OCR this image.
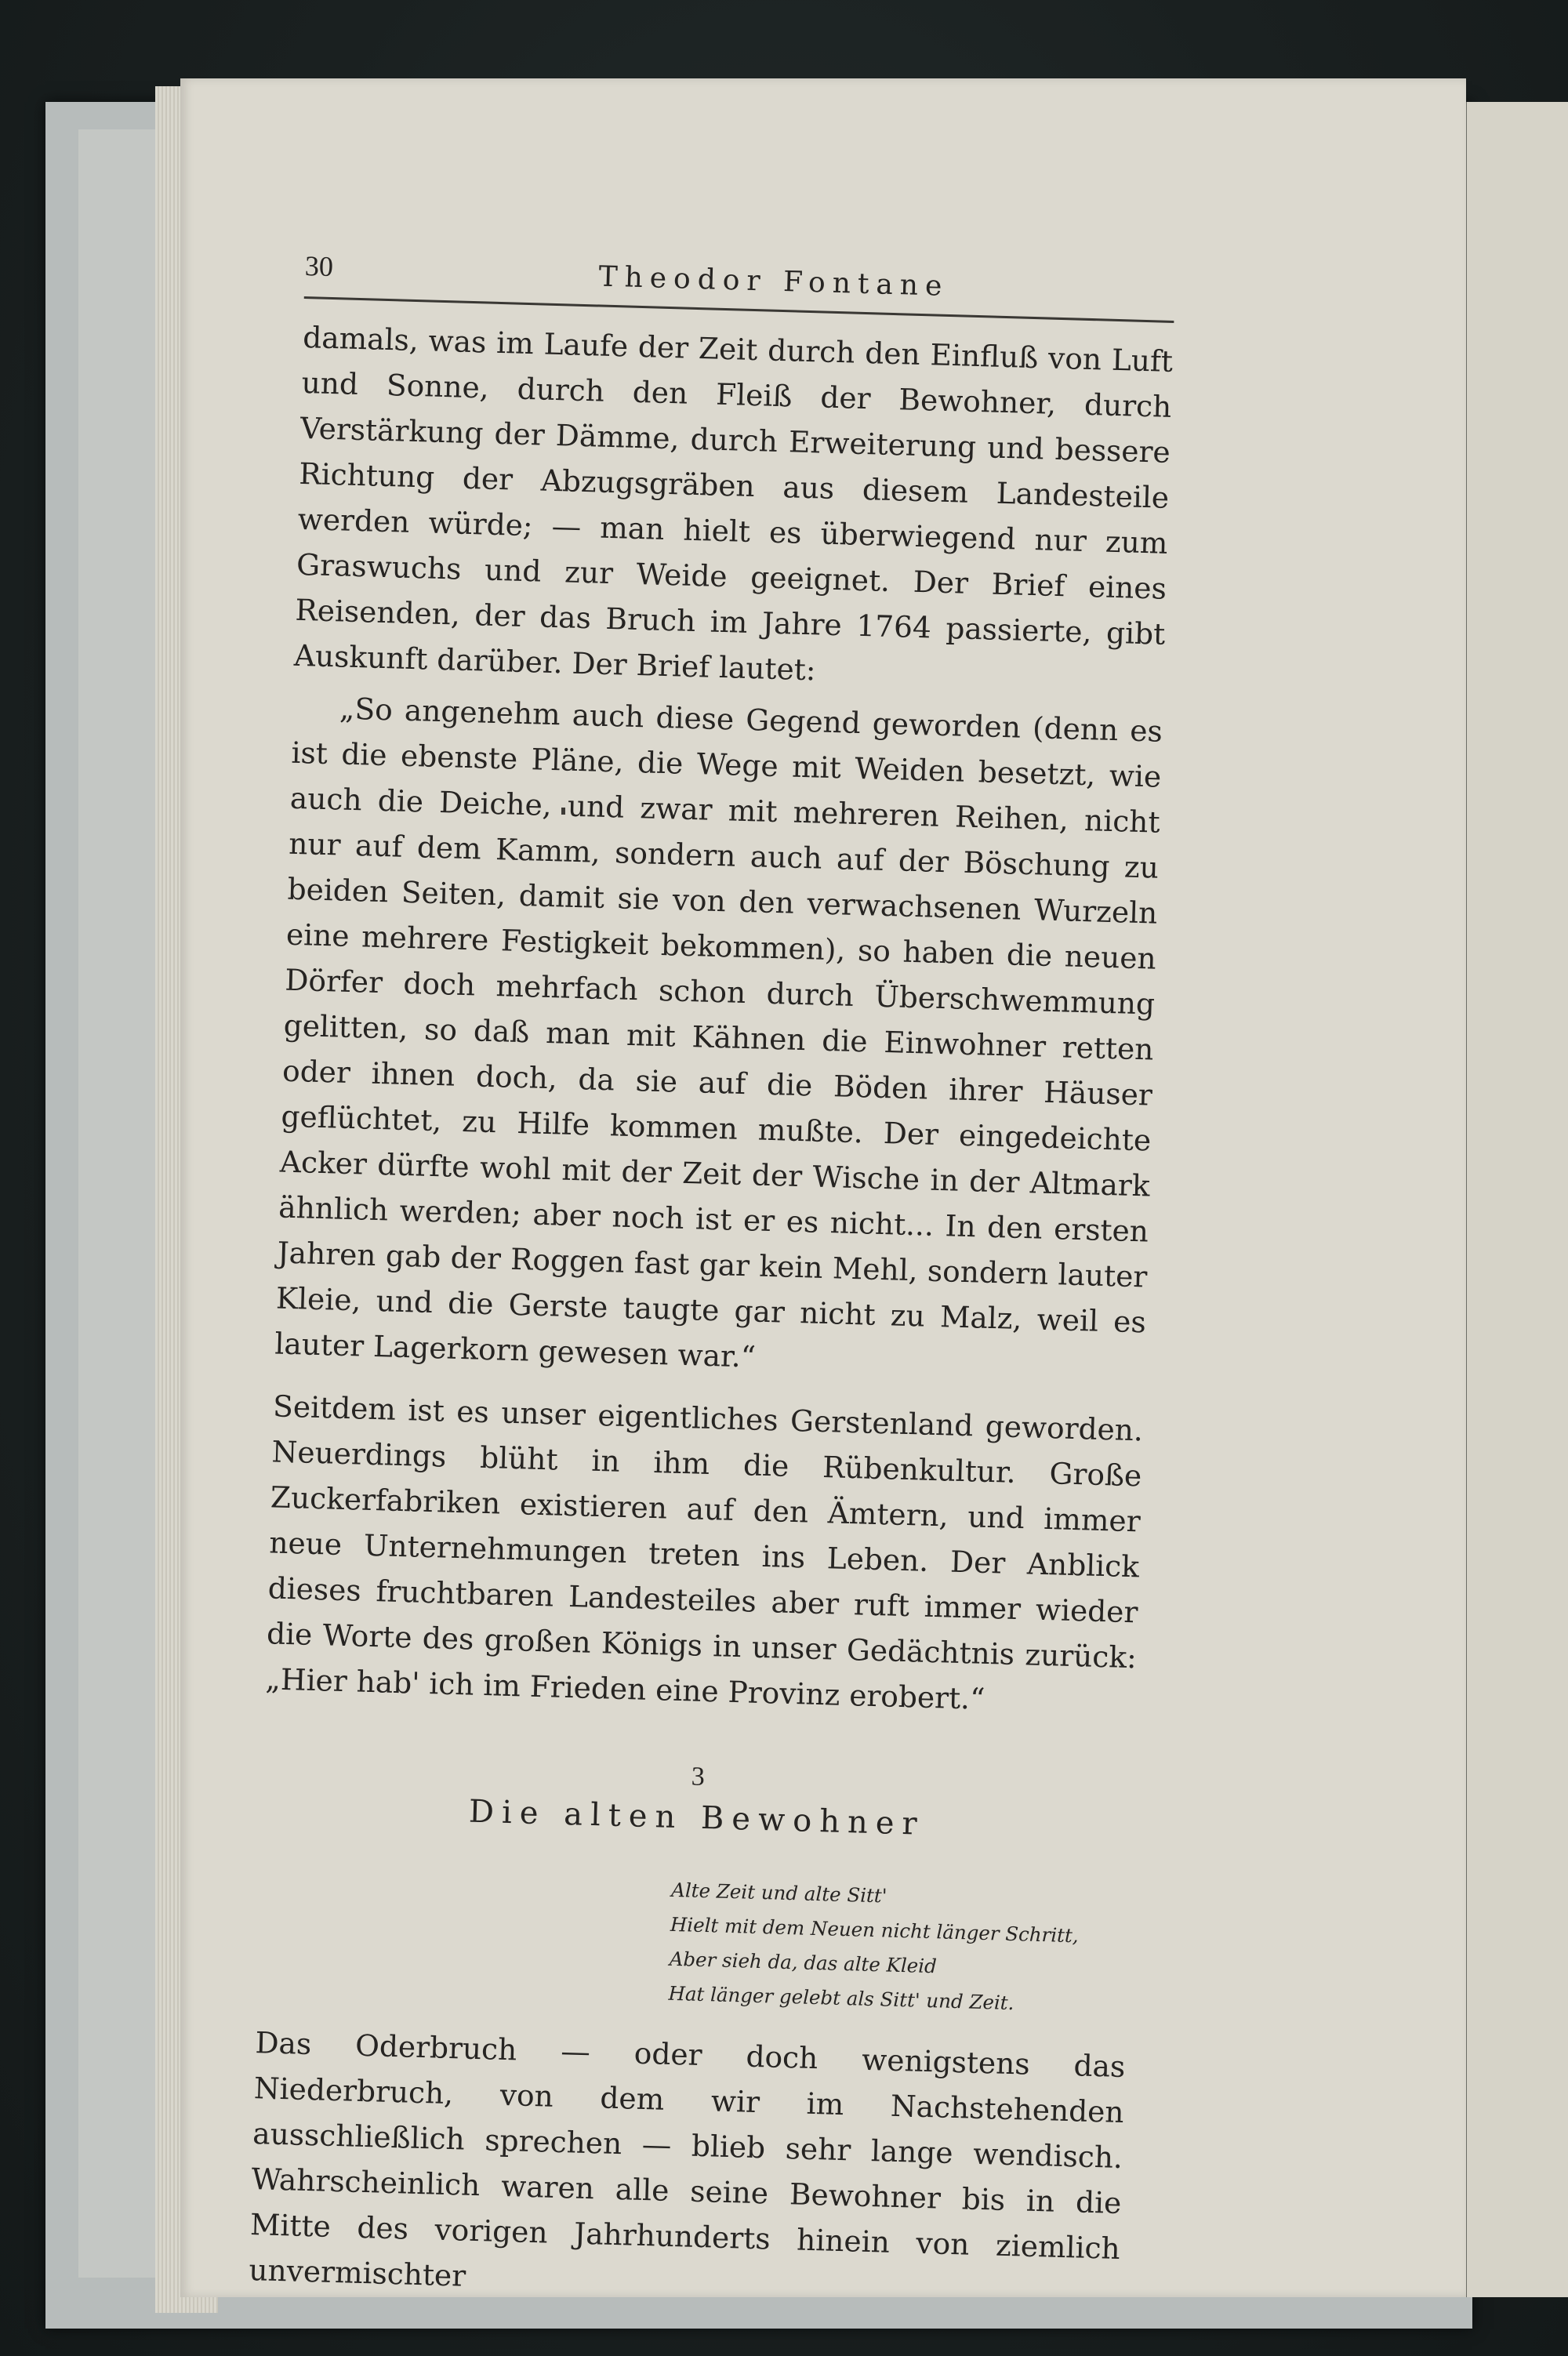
30	Theodor Fontane

damals, was im Laufe der Zeit durch den Einfluß von Luft und Sonne, durch den Fleiß der Bewohner, durch Verstärkung der Dämme, durch Erweiterung und bessere Richtung der Abzugsgräben aus diesem Landesteile werden würde; — man hielt es überwiegend nur zum Graswuchs und zur Weide geeignet. Der Brief eines Reisenden, der das Bruch im Jahre 1764 passierte, gibt Auskunft darüber. Der Brief lautet:

„So angenehm auch diese Gegend geworden (denn es ist die ebenste Pläne, die Wege mit Weiden besetzt, wie auch die Deiche, und zwar mit mehreren Reihen, nicht nur auf dem Kamm, sondern auch auf der Böschung zu beiden Seiten, damit sie von den verwachsenen Wurzeln eine mehrere Festigkeit bekommen), so haben die neuen Dörfer doch mehrfach schon durch Überschwemmung gelitten, so daß man mit Kähnen die Einwohner retten oder ihnen doch, da sie auf die Böden ihrer Häuser geflüchtet, zu Hilfe kommen mußte. Der eingedeichte Acker dürfte wohl mit der Zeit der Wische in der Altmark ähnlich werden; aber noch ist er es nicht... In den ersten Jahren gab der Roggen fast gar kein Mehl, sondern lauter Kleie, und die Gerste taugte gar nicht zu Malz, weil es lauter Lagerkorn gewesen war.“

Seitdem ist es unser eigentliches Gerstenland geworden. Neuerdings blüht in ihm die Rübenkultur. Große Zuckerfabriken existieren auf den Ämtern, und immer neue Unternehmungen treten ins Leben. Der Anblick dieses fruchtbaren Landesteiles aber ruft immer wieder die Worte des großen Königs in unser Gedächtnis zurück: „Hier hab' ich im Frieden eine Provinz erobert.“

3
Die alten Bewohner
Alte Zeit und alte Sitt'
Hielt mit dem Neuen nicht länger Schritt,
Aber sieh da, das alte Kleid
Hat länger gelebt als Sitt' und Zeit.

Das Oderbruch — oder doch wenigstens das Niederbruch, von dem wir im Nachstehenden ausschließlich sprechen — blieb sehr lange wendisch. Wahrscheinlich waren alle seine Bewohner bis in die Mitte des vorigen Jahrhunderts hinein von ziemlich unvermischter
